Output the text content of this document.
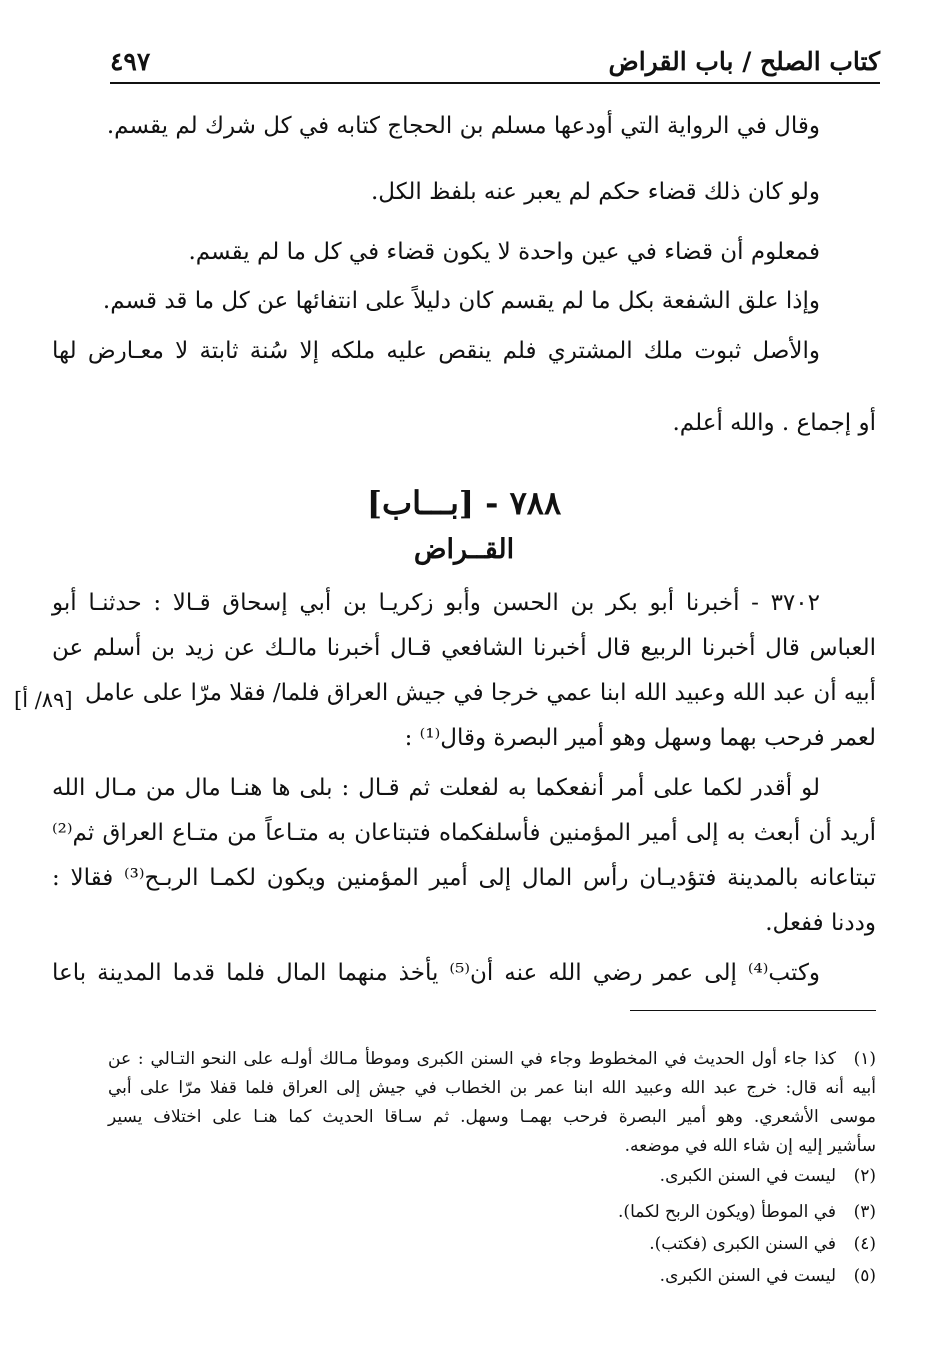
كتاب الصلح / باب القراض
٤٩٧
وقال في الرواية التي أودعها مسلم بن الحجاج كتابه في كل شرك لم يقسم.
ولو كان ذلك قضاء حكم لم يعبر عنه بلفظ الكل.
فمعلوم أن قضاء في عين واحدة لا يكون قضاء في كل ما لم يقسم.
وإذا علق الشفعة بكل ما لم يقسم كان دليلاً على انتفائها عن كل ما قد قسم.
والأصل ثبوت ملك المشتري فلم ينقص عليه ملكه إلا سُنة ثابتة لا معـارض لها
أو إجماع . والله أعلم.
٧٨٨ - [بـــاب]
القــراض
٣٧٠٢ - أخبرنا أبو بكر بن الحسن وأبو زكريـا بن أبي إسحاق قـالا : حدثنـا أبو
العباس قال أخبرنا الربيع قال أخبرنا الشافعي قـال أخبرنا مالـك عن زيد بن أسلم عن
أبيه أن عبد الله وعبيد الله ابنا عمي خرجا في جيش العراق فلما/ فقلا مرّا على عامل
لعمر فرحب بهما وسهل وهو أمير البصرة وقال⁽¹⁾ :
لو أقدر لكما على أمر أنفعكما به لفعلت ثم قـال : بلى ها هنـا مال من مـال الله
أريد أن أبعث به إلى أمير المؤمنين فأسلفكماه فتبتاعان به متـاعاً من متـاع العراق ثم⁽²⁾
تبتاعانه بالمدينة فتؤديـان رأس المال إلى أمير المؤمنين ويكون لكمـا الربـح⁽³⁾ فقالا :
وددنا ففعل.
وكتب⁽⁴⁾ إلى عمر رضي الله عنه أن⁽⁵⁾ يأخذ منهما المال فلما قدما المدينة باعا
[٨٩/ أ]
(١)
كذا جاء أول الحديث في المخطوط وجاء في السنن الكبرى وموطأ مـالك أولـه على النحو التـالي : عن
أبيه أنه قال: خرج عبد الله وعبيد الله ابنا عمر بن الخطاب في جيش إلى العراق فلما قفلا مرّا على أبي
موسى الأشعري. وهو أمير البصرة فرحب بهمـا وسهل. ثم سـاقا الحديث كما هنـا على اختلاف يسير
سأشير إليه إن شاء الله في موضعه.
(٢)
ليست في السنن الكبرى.
(٣)
في الموطأ (ويكون الربح لكما).
(٤)
في السنن الكبرى (فكتب).
(٥)
ليست في السنن الكبرى.
